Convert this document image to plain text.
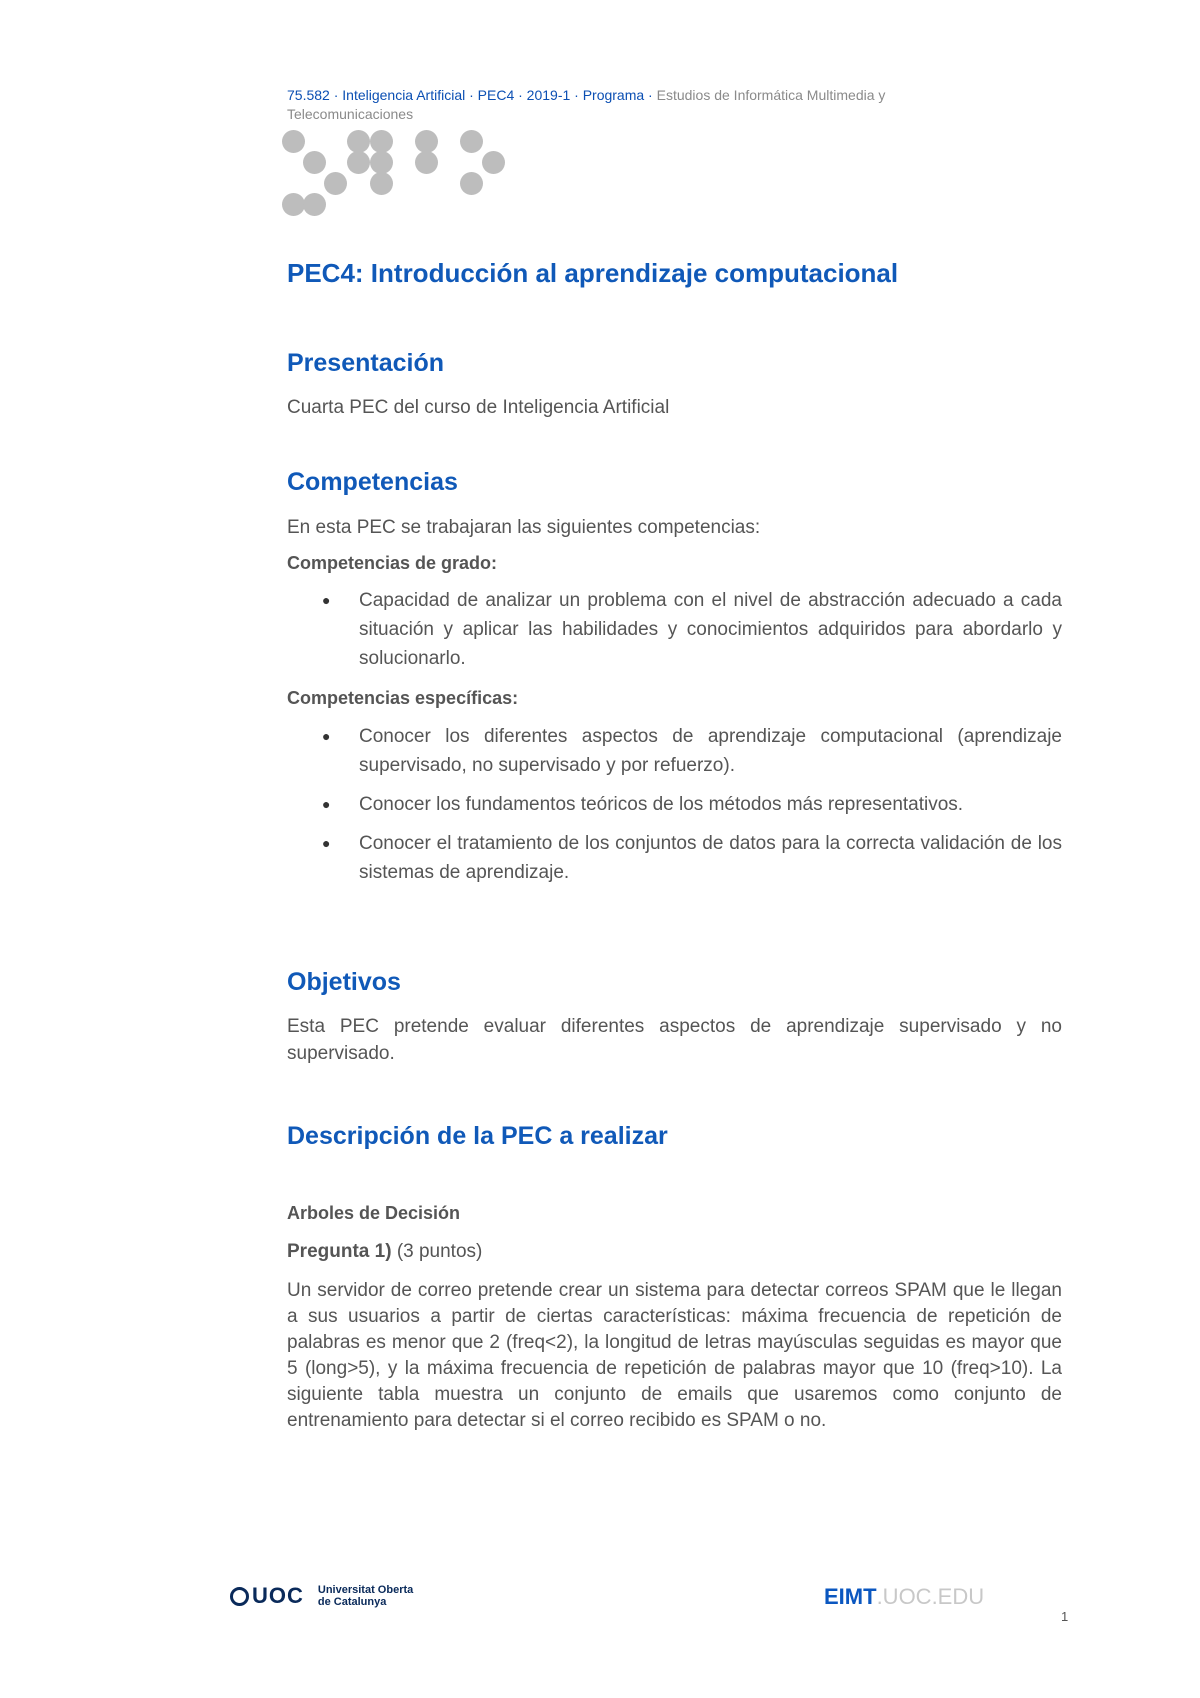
75.582 · Inteligencia Artificial · PEC4 · 2019-1 · Programa · Estudios de Informática Multimedia y Telecomunicaciones
PEC4: Introducción al aprendizaje computacional
Presentación

Cuarta PEC del curso de Inteligencia Artificial

Competencias

En esta PEC se trabajaran las siguientes competencias:

Competencias de grado:

● Capacidad de analizar un problema con el nivel de abstracción adecuado a cada situación y aplicar las habilidades y conocimientos adquiridos para abordarlo y solucionarlo.

Competencias específicas:

● Conocer los diferentes aspectos de aprendizaje computacional (aprendizaje supervisado, no supervisado y por refuerzo).
● Conocer los fundamentos teóricos de los métodos más representativos.
● Conocer el tratamiento de los conjuntos de datos para la correcta validación de los sistemas de aprendizaje.
Objetivos

Esta PEC pretende evaluar diferentes aspectos de aprendizaje supervisado y no supervisado.

Descripción de la PEC a realizar

Arboles de Decisión

Pregunta 1) (3 puntos)

Un servidor de correo pretende crear un sistema para detectar correos SPAM que le llegan a sus usuarios a partir de ciertas características: máxima frecuencia de repetición de palabras es menor que 2 (freq<2), la longitud de letras mayúsculas seguidas es mayor que 5 (long>5), y la máxima frecuencia de repetición de palabras mayor que 10 (freq>10). La siguiente tabla muestra un conjunto de emails que usaremos como conjunto de entrenamiento para detectar si el correo recibido es SPAM o no.

UOC Universitat Oberta
de Catalunya	EIMT.UOC.EDU
1
